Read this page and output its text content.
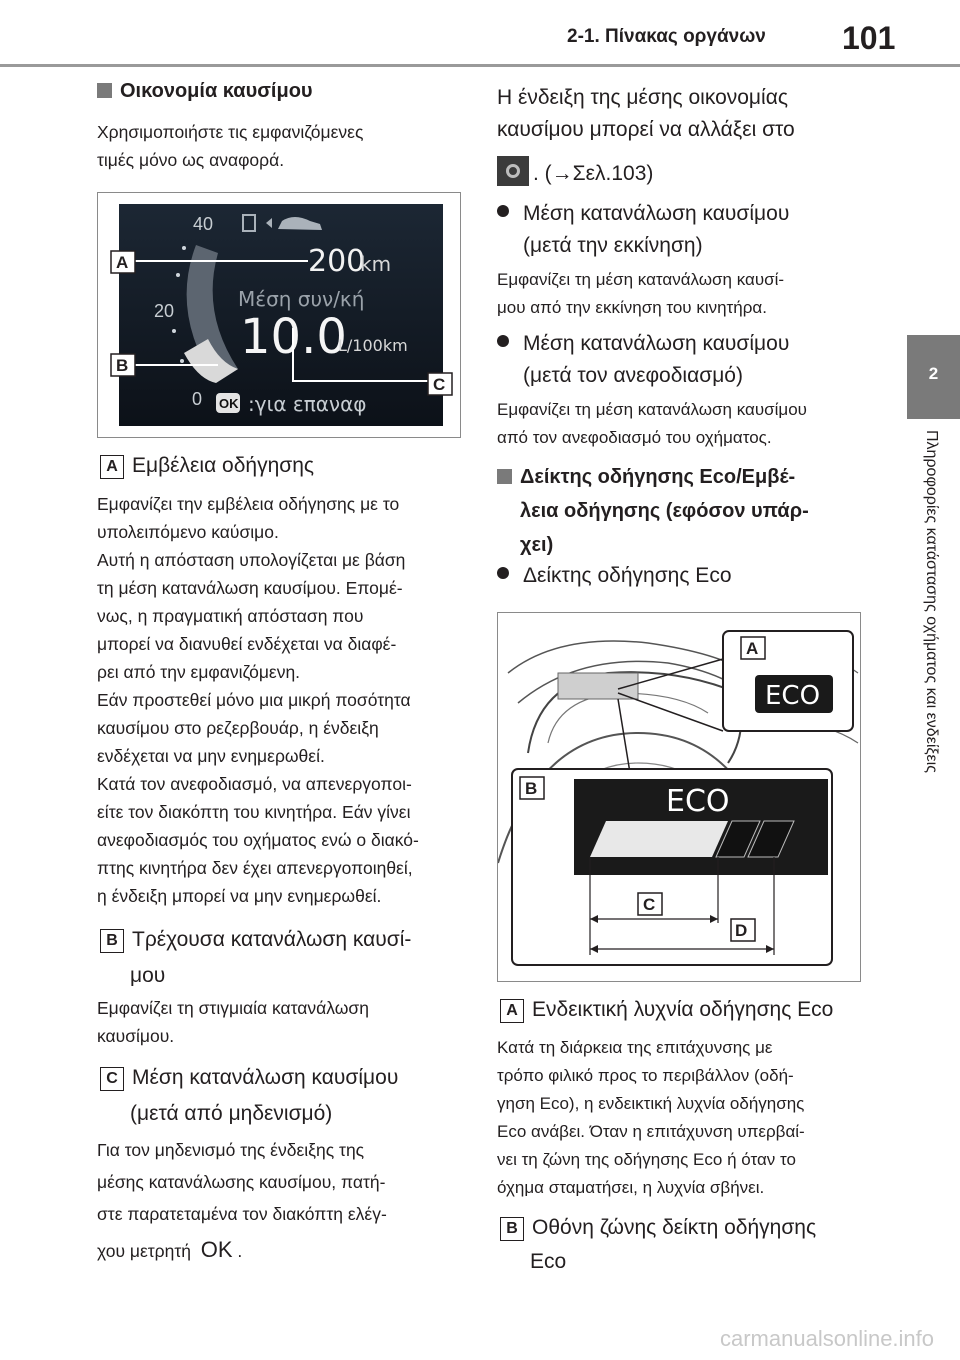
2-1. Πίνακας οργάνων 101
2
Πληροφορίες κατάστασης οχήματος και ενδείξεις
Οικονομία καυσίμου
Χρησιμοποιήστε τις εμφανιζόμενες
τιμές μόνο ως αναφορά.
40
20
0
200
km
Μέση συν/κή
10.0
L/100km
OK :για επαναφ
A
B
C
A Εμβέλεια οδήγησης
Εμφανίζει την εμβέλεια οδήγησης με το
υπολειπόμενο καύσιμο.
Αυτή η απόσταση υπολογίζεται με βάση
τη μέση κατανάλωση καυσίμου. Επομέ-
νως, η πραγματική απόσταση που
μπορεί να διανυθεί ενδέχεται να διαφέ-
ρει από την εμφανιζόμενη.
Εάν προστεθεί μόνο μια μικρή ποσότητα
καυσίμου στο ρεζερβουάρ, η ένδειξη
ενδέχεται να μην ενημερωθεί.
Κατά τον ανεφοδιασμό, να απενεργοποι-
είτε τον διακόπτη του κινητήρα. Εάν γίνει
ανεφοδιασμός του οχήματος ενώ ο διακό-
πτης κινητήρα δεν έχει απενεργοποιηθεί,
η ένδειξη μπορεί να μην ενημερωθεί.
B Τρέχουσα κατανάλωση καυσί-
μου
Εμφανίζει τη στιγμιαία κατανάλωση
καυσίμου.
C Μέση κατανάλωση καυσίμου
(μετά από μηδενισμό)
Για τον μηδενισμό της ένδειξης της
μέσης κατανάλωσης καυσίμου, πατή-
στε παρατεταμένα τον διακόπτη ελέγ-
χου μετρητή OK .
Η ένδειξη της μέσης οικονομίας
καυσίμου μπορεί να αλλάξει στο
. (→Σελ.103)
Μέση κατανάλωση καυσίμου
(μετά την εκκίνηση)
Εμφανίζει τη μέση κατανάλωση καυσί-
μου από την εκκίνηση του κινητήρα.
Μέση κατανάλωση καυσίμου
(μετά τον ανεφοδιασμό)
Εμφανίζει τη μέση κατανάλωση καυσίμου
από τον ανεφοδιασμό του οχήματος.
Δείκτης οδήγησης Eco/Εμβέ-
λεια οδήγησης (εφόσον υπάρ-
χει)
Δείκτης οδήγησης Eco
ECO
A
ECO
B
C
D
A Ενδεικτική λυχνία οδήγησης Eco
Κατά τη διάρκεια της επιτάχυνσης με
τρόπο φιλικό προς το περιβάλλον (οδή-
γηση Eco), η ενδεικτική λυχνία οδήγησης
Eco ανάβει. Όταν η επιτάχυνση υπερβαί-
νει τη ζώνη της οδήγησης Eco ή όταν το
όχημα σταματήσει, η λυχνία σβήνει.
B Οθόνη ζώνης δείκτη οδήγησης
Eco
carmanualsonline.info
